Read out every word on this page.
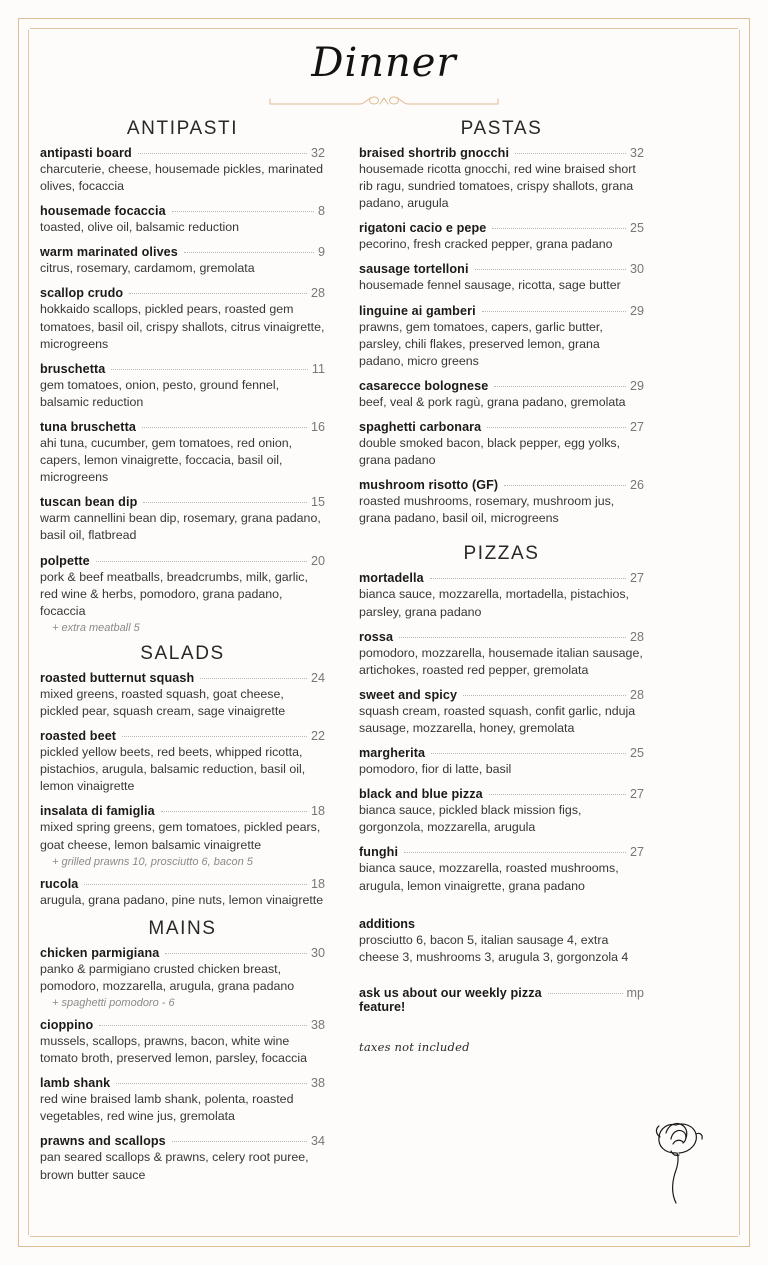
Dinner
ANTIPASTI
antipasti board	32
charcuterie, cheese, housemade pickles, marinated olives, focaccia
housemade focaccia	8
toasted, olive oil, balsamic reduction
warm marinated olives	9
citrus, rosemary, cardamom, gremolata
scallop crudo	28
hokkaido scallops, pickled pears, roasted gem tomatoes, basil oil, crispy shallots, citrus vinaigrette, microgreens
bruschetta	11
gem tomatoes, onion, pesto, ground fennel, balsamic reduction
tuna bruschetta	16
ahi tuna, cucumber, gem tomatoes, red onion, capers, lemon vinaigrette, foccacia, basil oil, microgreens
tuscan bean dip	15
warm cannellini bean dip, rosemary, grana padano, basil oil, flatbread
polpette	20
pork & beef meatballs, breadcrumbs, milk, garlic, red wine & herbs, pomodoro, grana padano, focaccia
+ extra meatball 5
SALADS
roasted butternut squash	24
mixed greens, roasted squash, goat cheese, pickled pear, squash cream, sage vinaigrette
roasted beet	22
pickled yellow beets, red beets, whipped ricotta, pistachios, arugula, balsamic reduction, basil oil, lemon vinaigrette
insalata di famiglia	18
mixed spring greens, gem tomatoes, pickled pears, goat cheese, lemon balsamic vinaigrette
+ grilled prawns 10, prosciutto 6, bacon 5
rucola	18
arugula, grana padano, pine nuts, lemon vinaigrette
MAINS
chicken parmigiana	30
panko & parmigiano crusted chicken breast, pomodoro, mozzarella, arugula, grana padano
+ spaghetti pomodoro - 6
cioppino	38
mussels, scallops, prawns, bacon, white wine tomato broth, preserved lemon, parsley, focaccia
lamb shank	38
red wine braised lamb shank, polenta, roasted vegetables, red wine jus, gremolata
prawns and scallops	34
pan seared scallops & prawns, celery root puree, brown butter sauce
PASTAS
braised shortrib gnocchi	32
housemade ricotta gnocchi, red wine braised short rib ragu, sundried tomatoes, crispy shallots, grana padano, arugula
rigatoni cacio e pepe	25
pecorino, fresh cracked pepper, grana padano
sausage tortelloni	30
housemade fennel sausage, ricotta, sage butter
linguine ai gamberi	29
prawns, gem tomatoes, capers, garlic butter, parsley, chili flakes, preserved lemon, grana padano, micro greens
casarecce bolognese	29
beef, veal & pork ragù, grana padano, gremolata
spaghetti carbonara	27
double smoked bacon, black pepper, egg yolks, grana padano
mushroom risotto (GF)	26
roasted mushrooms, rosemary, mushroom jus, grana padano, basil oil, microgreens
PIZZAS
mortadella	27
bianca sauce, mozzarella, mortadella, pistachios, parsley, grana padano
rossa	28
pomodoro, mozzarella, housemade italian sausage, artichokes, roasted red pepper, gremolata
sweet and spicy	28
squash cream, roasted squash, confit garlic, nduja sausage, mozzarella, honey, gremolata
margherita	25
pomodoro, fior di latte, basil
black and blue pizza	27
bianca sauce, pickled black mission figs, gorgonzola, mozzarella, arugula
funghi	27
bianca sauce, mozzarella, roasted mushrooms, arugula, lemon vinaigrette, grana padano
additions
prosciutto 6, bacon 5, italian sausage 4, extra cheese 3, mushrooms 3, arugula 3, gorgonzola 4
ask us about our weekly pizza	mp
feature!
taxes not included
